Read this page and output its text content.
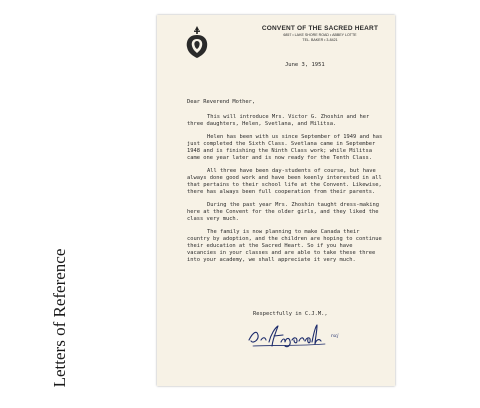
Letters of Reference
CONVENT OF THE SACRED HEART
6857 • LAKE SHORE ROAD • ABBEY LOTTE
TEL. BAKER • 3-8421
June 3, 1951
Dear Reverend Mother,

This will introduce Mrs. Victor G. Zhoshin and her three daughters, Helen, Svetlana, and Militsa.

Helen has been with us since September of 1949 and has just completed the Sixth Class. Svetlana came in September 1948 and is finishing the Ninth Class work; while Militsa came one year later and is now ready for the Tenth Class.

All three have been day-students of course, but have always done good work and have been keenly interested in all that pertains to their school life at the Convent. Likewise, there has always been full cooperation from their parents.

During the past year Mrs. Zhoshin taught dress-making here at the Convent for the older girls, and they liked the class very much.

The family is now planning to make Canada their country by adoption, and the children are hoping to continue their education at the Sacred Heart. So if you have vacancies in your classes and are able to take these three into your academy, we shall appreciate it very much.

Respectfully in C.J.M.,
rscj
